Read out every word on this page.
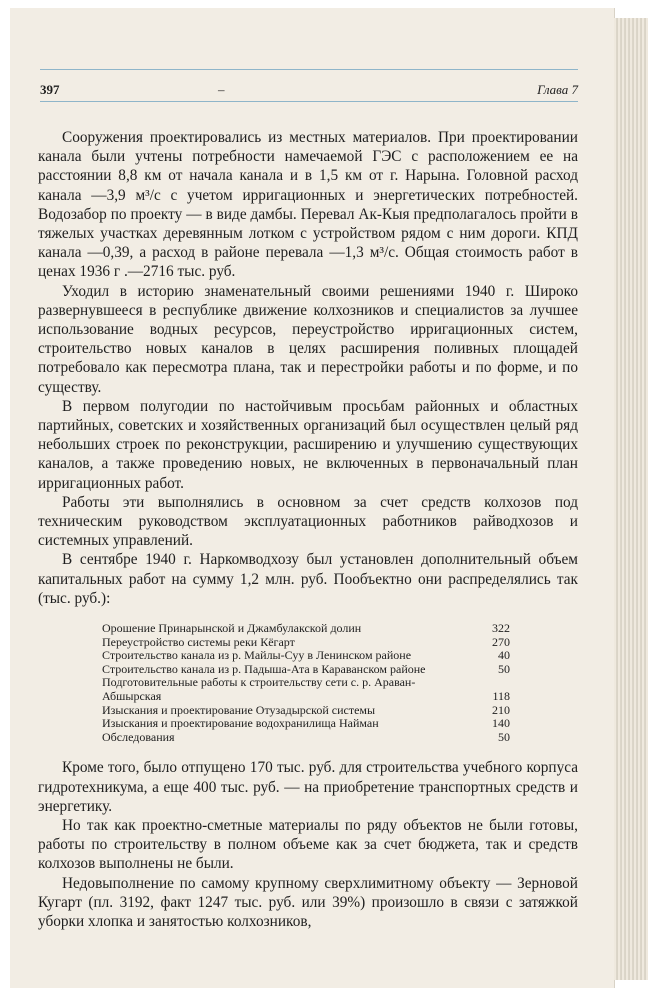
397	–	Глава 7

Сооружения проектировались из местных материалов. При проектировании канала были учтены потребности намечаемой ГЭС с расположением ее на расстоянии 8,8 км от начала канала и в 1,5 км от г. Нарына. Головной расход канала —3,9 м³/с с учетом ирригационных и энергетических потребностей. Водозабор по проекту — в виде дамбы. Перевал Ак-Кыя предполагалось пройти в тяжелых участках деревянным лотком с устройством рядом с ним дороги. КПД канала —0,39, а расход в районе перевала —1,3 м³/с. Общая стоимость работ в ценах 1936 г .—2716 тыс. руб.

Уходил в историю знаменательный своими решениями 1940 г. Широко развернувшееся в республике движение колхозников и специалистов за лучшее использование водных ресурсов, переустройство ирригационных систем, строительство новых каналов в целях расширения поливных площадей потребовало как пересмотра плана, так и перестройки работы и по форме, и по существу.

В первом полугодии по настойчивым просьбам районных и областных партийных, советских и хозяйственных организаций был осуществлен целый ряд небольших строек по реконструкции, расширению и улучшению существующих каналов, а также проведению новых, не включенных в первоначальный план ирригационных работ.

Работы эти выполнялись в основном за счет средств колхозов под техническим руководством эксплуатационных работников райводхозов и системных управлений.

В сентябре 1940 г. Наркомводхозу был установлен дополнительный объем капитальных работ на сумму 1,2 млн. руб. Пообъектно они распределялись так (тыс. руб.):

Орошение Принарынской и Джамбулакской долин	322
Переустройство системы реки Кёгарт	270
Строительство канала из р. Майлы-Суу в Ленинском районе	40
Строительство канала из р. Падыша-Ата в Караванском районе	50
Подготовительные работы к строительству сети с. р. Араван-Абшырская	118
Изыскания и проектирование Отузадырской системы	210
Изыскания и проектирование водохранилища Найман	140
Обследования	50

Кроме того, было отпущено 170 тыс. руб. для строительства учебного корпуса гидротехникума, а еще 400 тыс. руб. — на приобретение транспортных средств и энергетику.

Но так как проектно-сметные материалы по ряду объектов не были готовы, работы по строительству в полном объеме как за счет бюджета, так и средств колхозов выполнены не были.

Недовыполнение по самому крупному сверхлимитному объекту — Зерновой Кугарт (пл. 3192, факт 1247 тыс. руб. или 39%) произошло в связи с затяжкой уборки хлопка и занятостью колхозников,
